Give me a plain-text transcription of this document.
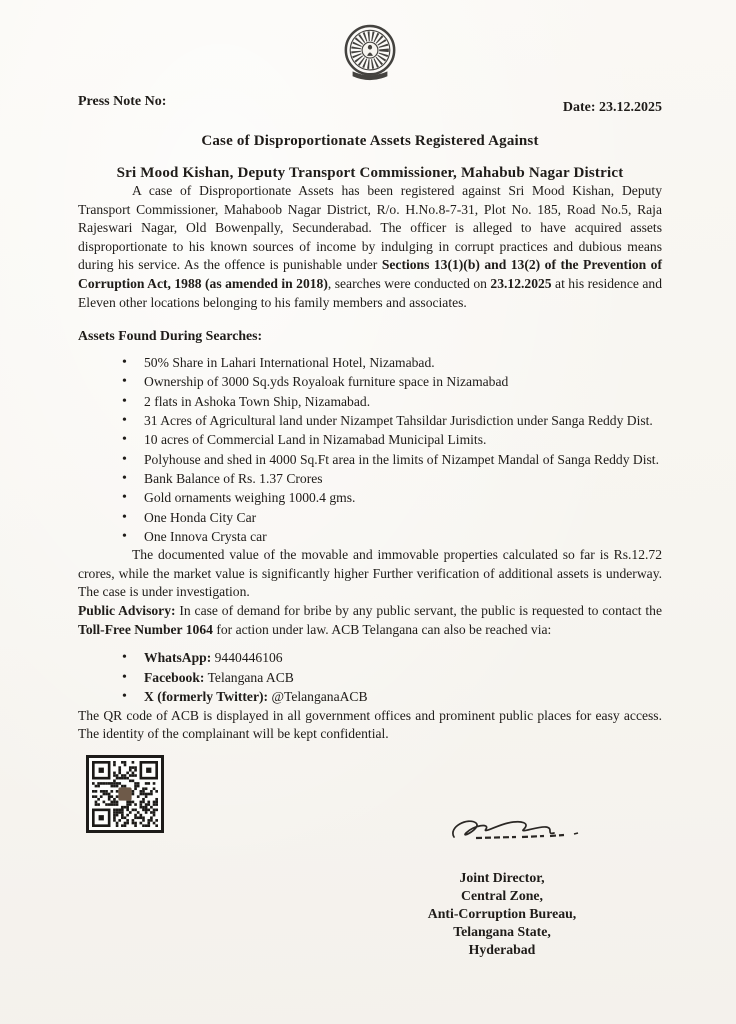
Press Note No:	Date: 23.12.2025
Case of Disproportionate Assets Registered Against
Sri Mood Kishan, Deputy Transport Commissioner, Mahabub Nagar District

A case of Disproportionate Assets has been registered against Sri Mood Kishan, Deputy Transport Commissioner, Mahaboob Nagar District, R/o. H.No.8-7-31, Plot No. 185, Road No.5, Raja Rajeswari Nagar, Old Bowenpally, Secunderabad. The officer is alleged to have acquired assets disproportionate to his known sources of income by indulging in corrupt practices and dubious means during his service. As the offence is punishable under Sections 13(1)(b) and 13(2) of the Prevention of Corruption Act, 1988 (as amended in 2018), searches were conducted on 23.12.2025 at his residence and Eleven other locations belonging to his family members and associates.

Assets Found During Searches:
• 50% Share in Lahari International Hotel, Nizamabad.
• Ownership of 3000 Sq.yds Royaloak furniture space in Nizamabad
• 2 flats in Ashoka Town Ship, Nizamabad.
• 31 Acres of Agricultural land under Nizampet Tahsildar Jurisdiction under Sanga Reddy Dist.
• 10 acres of Commercial Land in Nizamabad Municipal Limits.
• Polyhouse and shed in 4000 Sq.Ft area in the limits of Nizampet Mandal of Sanga Reddy Dist.
• Bank Balance of Rs. 1.37 Crores
• Gold ornaments weighing 1000.4 gms.
• One Honda City Car
• One Innova Crysta car

The documented value of the movable and immovable properties calculated so far is Rs.12.72 crores, while the market value is significantly higher Further verification of additional assets is underway. The case is under investigation.

Public Advisory: In case of demand for bribe by any public servant, the public is requested to contact the Toll-Free Number 1064 for action under law. ACB Telangana can also be reached via:

• WhatsApp: 9440446106
• Facebook: Telangana ACB
• X (formerly Twitter): @TelanganaACB

The QR code of ACB is displayed in all government offices and prominent public places for easy access. The identity of the complainant will be kept confidential.

Joint Director,
Central Zone,
Anti-Corruption Bureau,
Telangana State,
Hyderabad
